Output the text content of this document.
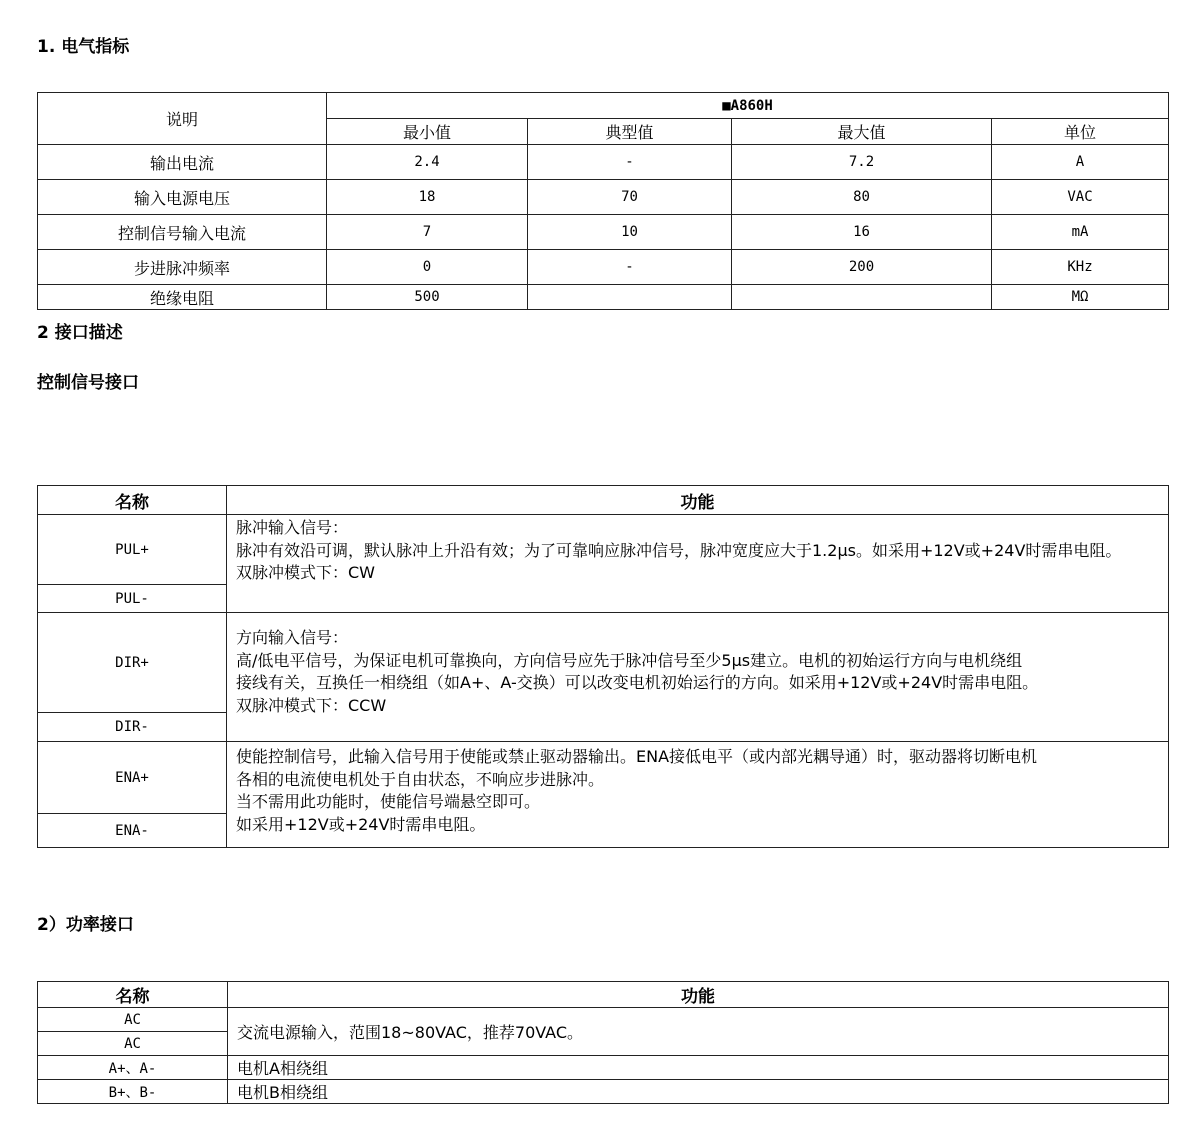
1. 电气指标
2 接口描述
控制信号接口
2）功率接口
说明	■A860H			
	最小值	典型值	最大值	单位
输出电流	2.4	-	7.2	A
输入电源电压	18	70	80	VAC
控制信号输入电流	7	10	16	mA
步进脉冲频率	0	-	200	KHz
绝缘电阻	500			MΩ
名称	功能
PUL+	脉冲输入信号：
脉冲有效沿可调，默认脉冲上升沿有效；为了可靠响应脉冲信号，脉冲宽度应大于1.2μs。如采用+12V或+24V时需串电阻。
双脉冲模式下：CW

PUL-	
DIR+	方向输入信号：
高/低电平信号，为保证电机可靠换向，方向信号应先于脉冲信号至少5μs建立。电机的初始运行方向与电机绕组
接线有关，互换任一相绕组（如A+、A-交换）可以改变电机初始运行的方向。如采用+12V或+24V时需串电阻。
双脉冲模式下：CCW

DIR-	
ENA+	使能控制信号，此输入信号用于使能或禁止驱动器输出。ENA接低电平（或内部光耦导通）时，驱动器将切断电机
各相的电流使电机处于自由状态，不响应步进脉冲。
当不需用此功能时，使能信号端悬空即可。
如采用+12V或+24V时需串电阻。

ENA-	
名称	功能
AC	交流电源输入，范围18~80VAC，推荐70VAC。
AC	
A+、A-	电机A相绕组
B+、B-	电机B相绕组
